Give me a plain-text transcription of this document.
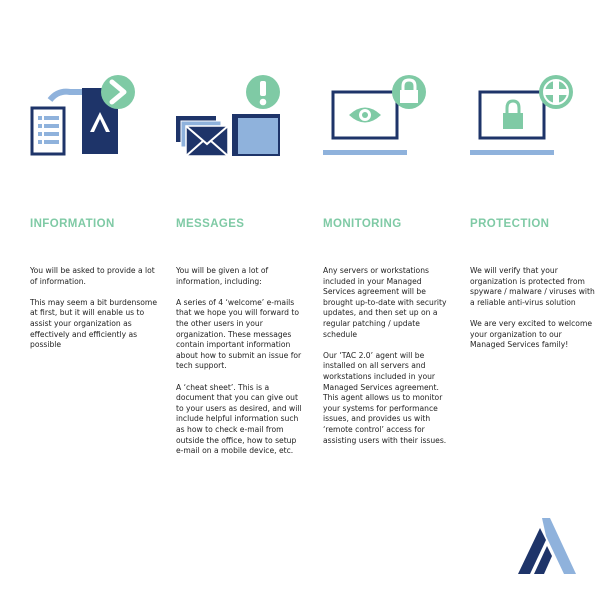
INFORMATION

You will be asked to provide a lot of information.

This may seem a bit burdensome at first, but it will enable us to assist your organization as effectively and efficiently as possible

MESSAGES

You will be given a lot of information, including:

A series of 4 ‘welcome’ e-mails that we hope you will forward to the other users in your organization. These messages contain important information about how to submit an issue for tech support.

A ‘cheat sheet’. This is a document that you can give out to your users as desired, and will include helpful information such as how to check e-mail from outside the office, how to setup e-mail on a mobile device, etc.

MONITORING

Any servers or workstations included in your Managed Services agreement will be brought up-to-date with security updates, and then set up on a regular patching / update schedule

Our ‘TAC 2.0’ agent will be installed on all servers and workstations included in your Managed Services agreement. This agent allows us to monitor your systems for performance issues, and provides us with ‘remote control’ access for assisting users with their issues.

PROTECTION

We will verify that your organization is protected from spyware / malware / viruses with a reliable anti-virus solution

We are very excited to welcome your organization to our Managed Services family!
